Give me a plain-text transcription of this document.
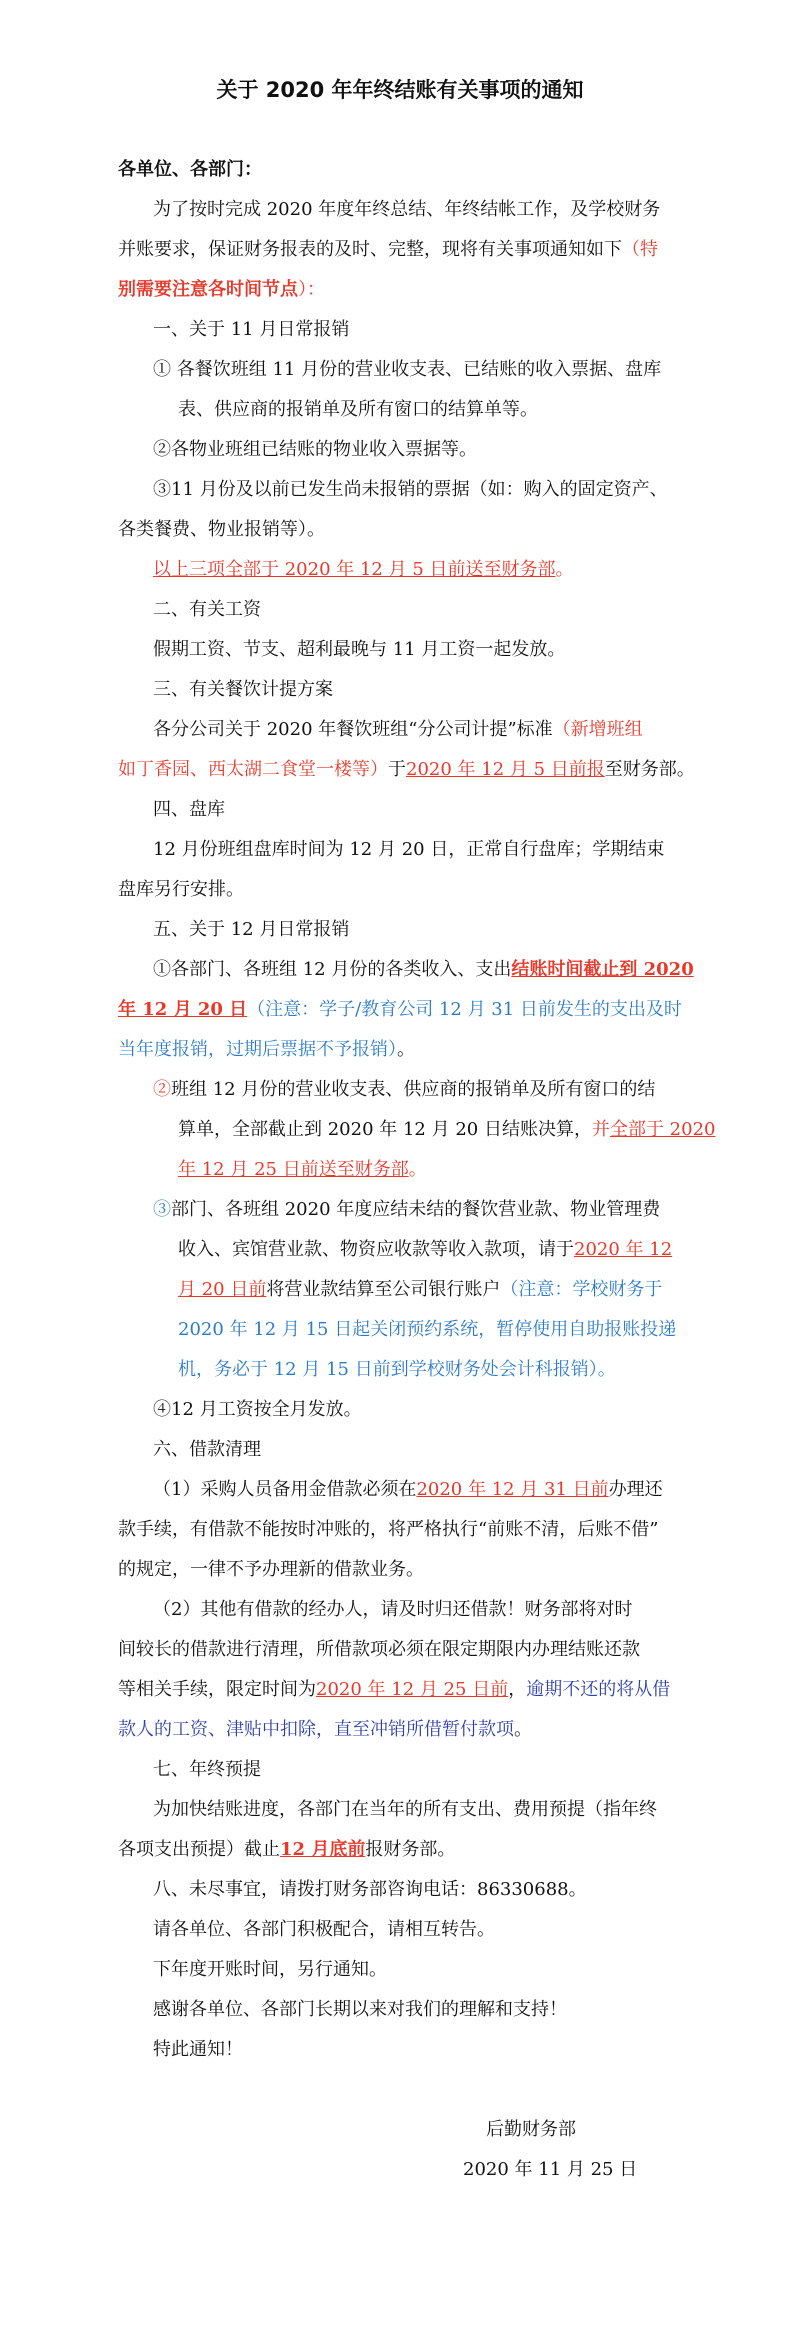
关于 2020 年年终结账有关事项的通知
各单位、各部门：
为了按时完成 2020 年度年终总结、年终结帐工作，及学校财务
并账要求，保证财务报表的及时、完整，现将有关事项通知如下（特
别需要注意各时间节点）：
一、关于 11 月日常报销
① 各餐饮班组 11 月份的营业收支表、已结账的收入票据、盘库
表、供应商的报销单及所有窗口的结算单等。
②各物业班组已结账的物业收入票据等。
③11 月份及以前已发生尚未报销的票据（如：购入的固定资产、
各类餐费、物业报销等）。
以上三项全部于 2020 年 12 月 5 日前送至财务部。
二、有关工资
假期工资、节支、超利最晚与 11 月工资一起发放。
三、有关餐饮计提方案
各分公司关于 2020 年餐饮班组“分公司计提”标准（新增班组
如丁香园、西太湖二食堂一楼等）于2020 年 12 月 5 日前报至财务部。
四、盘库
12 月份班组盘库时间为 12 月 20 日，正常自行盘库；学期结束
盘库另行安排。
五、关于 12 月日常报销
①各部门、各班组 12 月份的各类收入、支出结账时间截止到 2020
年 12 月 20 日（注意：学子/教育公司 12 月 31 日前发生的支出及时
当年度报销，过期后票据不予报销）。
②班组 12 月份的营业收支表、供应商的报销单及所有窗口的结
算单，全部截止到 2020 年 12 月 20 日结账决算，并全部于 2020
年 12 月 25 日前送至财务部。
③部门、各班组 2020 年度应结未结的餐饮营业款、物业管理费
收入、宾馆营业款、物资应收款等收入款项，请于2020 年 12
月 20 日前将营业款结算至公司银行账户（注意：学校财务于
2020 年 12 月 15 日起关闭预约系统，暂停使用自助报账投递
机，务必于 12 月 15 日前到学校财务处会计科报销）。
④12 月工资按全月发放。
六、借款清理
（1）采购人员备用金借款必须在2020 年 12 月 31 日前办理还
款手续，有借款不能按时冲账的，将严格执行“前账不清，后账不借”
的规定，一律不予办理新的借款业务。
（2）其他有借款的经办人，请及时归还借款！财务部将对时
间较长的借款进行清理，所借款项必须在限定期限内办理结账还款
等相关手续，限定时间为2020 年 12 月 25 日前，逾期不还的将从借
款人的工资、津贴中扣除，直至冲销所借暂付款项。
七、年终预提
为加快结账进度，各部门在当年的所有支出、费用预提（指年终
各项支出预提）截止12 月底前报财务部。
八、未尽事宜，请拨打财务部咨询电话：86330688。
请各单位、各部门积极配合，请相互转告。
下年度开账时间，另行通知。
感谢各单位、各部门长期以来对我们的理解和支持！
特此通知！
后勤财务部
2020 年 11 月 25 日
